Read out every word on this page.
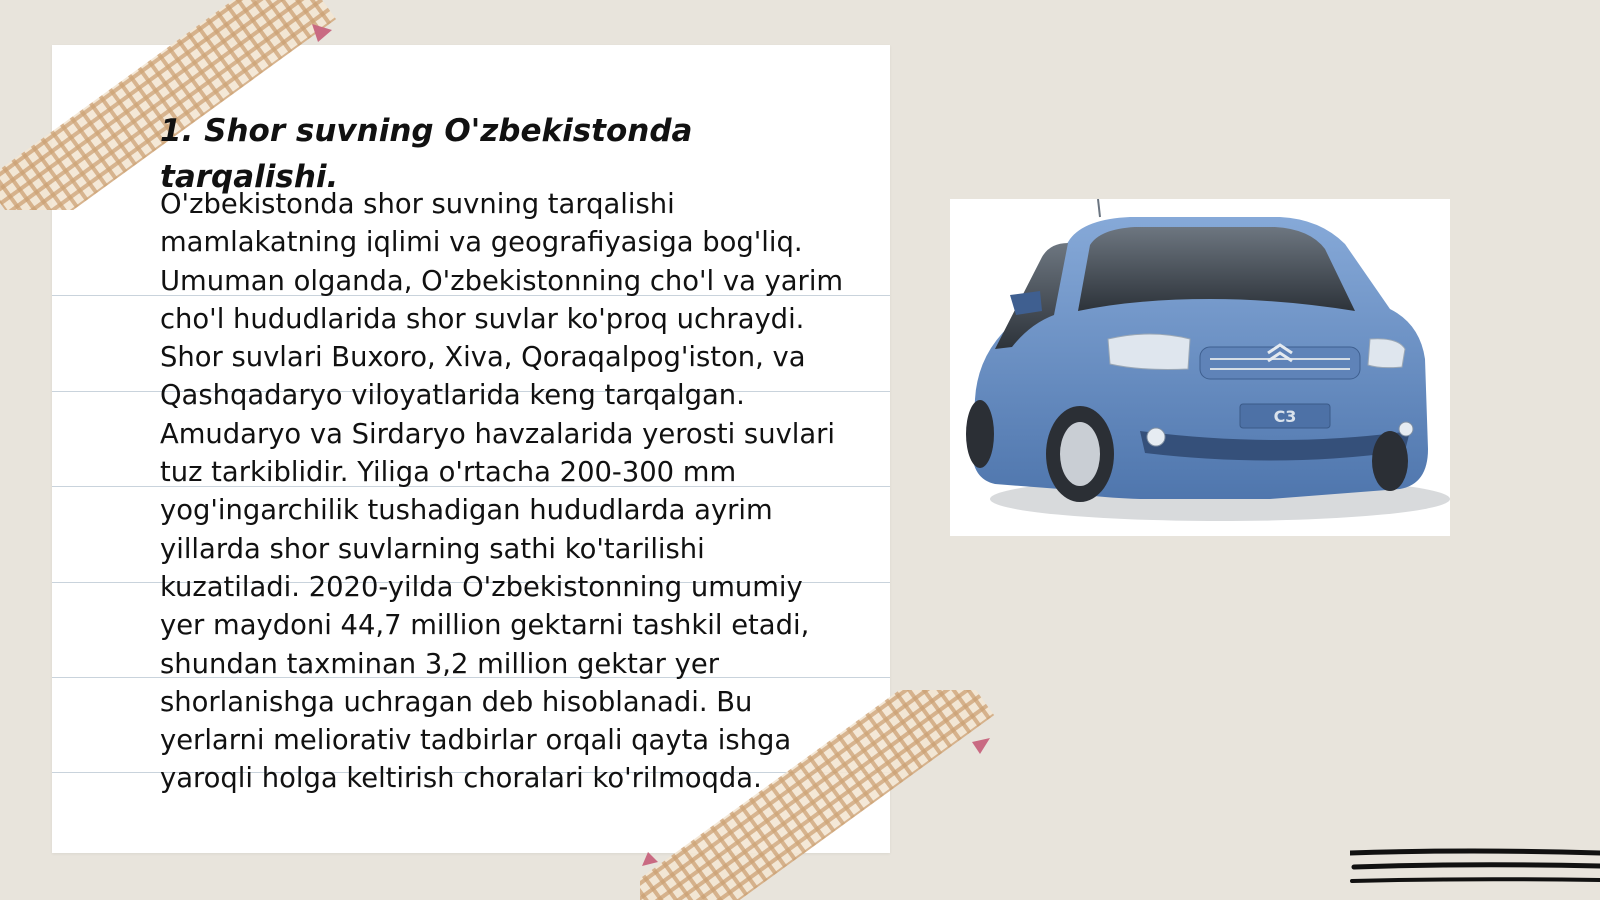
1. Shor suvning O'zbekistonda tarqalishi.

O'zbekistonda shor suvning tarqalishi mamlakatning iqlimi va geografiyasiga bog'liq. Umuman olganda, O'zbekistonning cho'l va yarim cho'l hududlarida shor suvlar ko'proq uchraydi. Shor suvlari Buxoro, Xiva, Qoraqalpog'iston, va Qashqadaryo viloyatlarida keng tarqalgan. Amudaryo va Sirdaryo havzalarida yerosti suvlari tuz tarkiblidir. Yiliga o'rtacha 200-300 mm yog'ingarchilik tushadigan hududlarda ayrim yillarda shor suvlarning sathi ko'tarilishi kuzatiladi. 2020-yilda O'zbekistonning umumiy yer maydoni 44,7 million gektarni tashkil etadi, shundan taxminan 3,2 million gektar yer shorlanishga uchragan deb hisoblanadi. Bu yerlarni meliorativ tadbirlar orqali qayta ishga yaroqli holga keltirish choralari ko'rilmoqda.

C3
